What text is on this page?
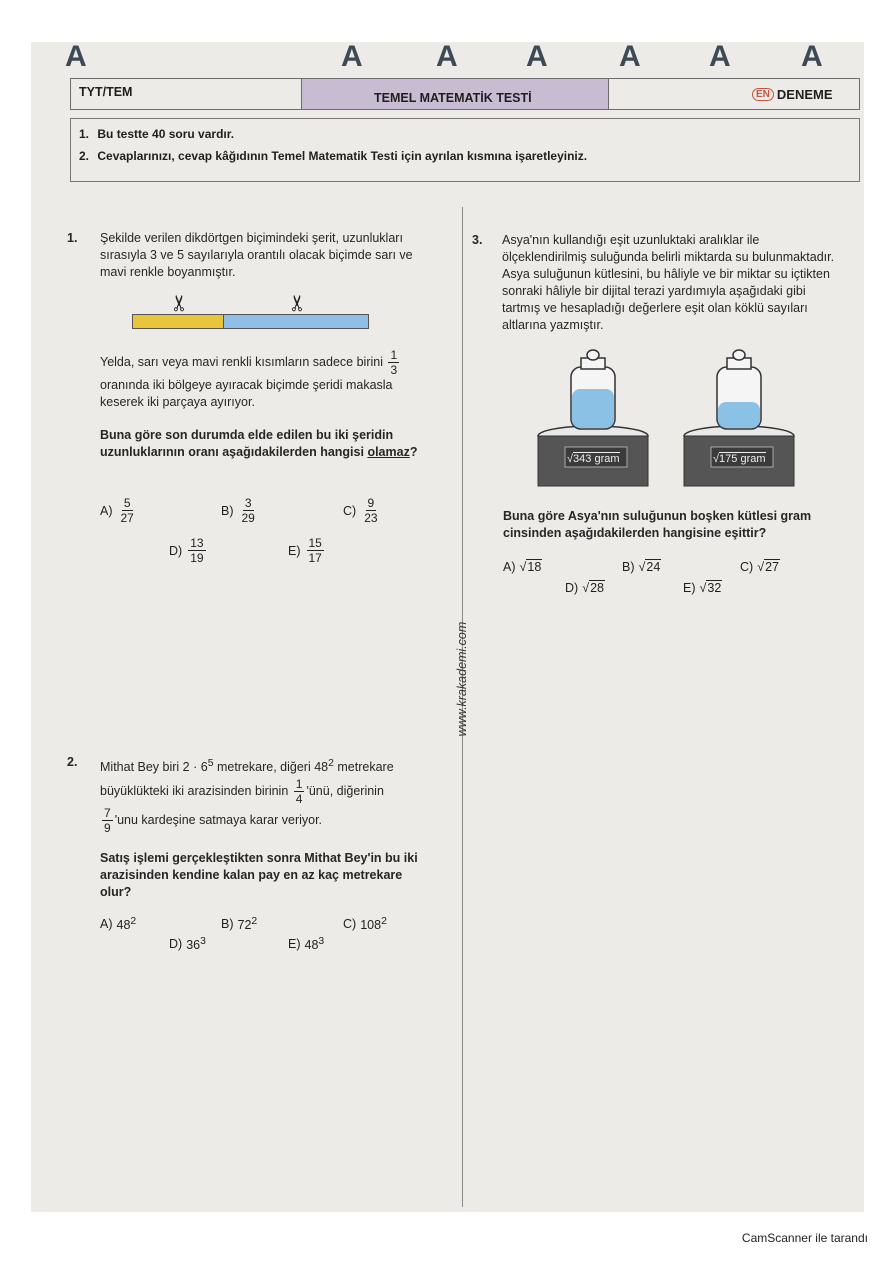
A	A A A A A A
TYT/TEM	TEMEL MATEMATİK TESTİ	EN DENEME
1. Bu testte 40 soru vardır.
2. Cevaplarınızı, cevap kâğıdının Temel Matematik Testi için ayrılan kısmına işaretleyiniz.
www.krakademi.com
1. Şekilde verilen dikdörtgen biçimindeki şerit, uzunlukları sırasıyla 3 ve 5 sayılarıyla orantılı olacak biçimde sarı ve mavi renkle boyanmıştır.
✂	✂
Yelda, sarı veya mavi renkli kısımların sadece birini $\frac{1}{3}$
oranında iki bölgeye ayıracak biçimde şeridi makasla keserek iki parçaya ayırıyor.
Buna göre son durumda elde edilen bu iki şeridin uzunluklarının oranı aşağıdakilerden hangisi olamaz?
$A) \frac{5}{27}$	$B) \frac{3}{29}$	$C) \frac{9}{23}$
$D) \frac{13}{19}$	$E) \frac{15}{17}$
2. Mithat Bey biri $2 \cdot 6^5$ metrekare, diğeri $48^2$ metrekare
büyüklükteki iki arazisinden birinin $\frac{1}{4}$ 'ünü, diğerinin

$\frac{7}{9}$ 'unu kardeşine satmaya karar veriyor.
Satış işlemi gerçekleştikten sonra Mithat Bey'in bu iki arazisinden kendine kalan pay en az kaç metrekare olur?
A) $48^2$	B) $72^2$	C) $108^2$
D) $36^3$	E) $48^3$
3. Asya'nın kullandığı eşit uzunluktaki aralıklar ile ölçeklendirilmiş suluğunda belirli miktarda su bulunmaktadır. Asya suluğunun kütlesini, bu hâliyle ve bir miktar su içtikten sonraki hâliyle bir dijital terazi yardımıyla aşağıdaki gibi tartmış ve hesapladığı değerlere eşit olan köklü sayıları altlarına yazmıştır.
√ 343 gram	√ 175 gram
Buna göre Asya'nın suluğunun boşken kütlesi gram cinsinden aşağıdakilerden hangisine eşittir?
A) √18	B) √24	C) √27
D) √28	E) √32
CamScanner ile tarandı
